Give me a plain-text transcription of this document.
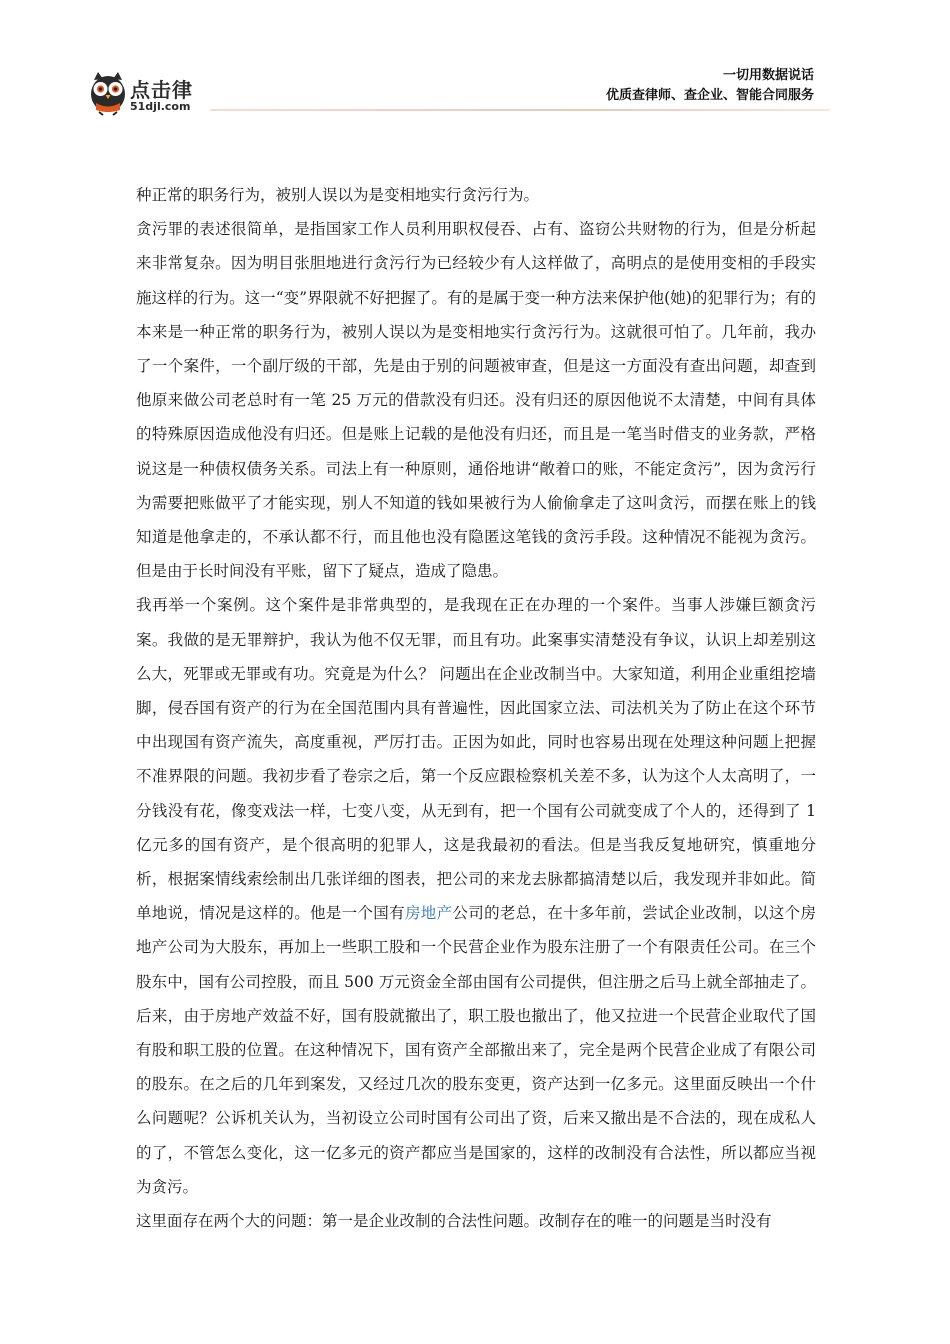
点击律
51djl.com
一切用数据说话
优质查律师、查企业、智能合同服务

种正常的职务行为，被别人误以为是变相地实行贪污行为。

贪污罪的表述很简单，是指国家工作人员利用职权侵吞、占有、盗窃公共财物的行为，但是分析起来非常复杂。因为明目张胆地进行贪污行为已经较少有人这样做了，高明点的是使用变相的手段实施这样的行为。这一“变”界限就不好把握了。有的是属于变一种方法来保护他(她)的犯罪行为；有的本来是一种正常的职务行为，被别人误以为是变相地实行贪污行为。这就很可怕了。几年前，我办了一个案件，一个副厅级的干部，先是由于别的问题被审查，但是这一方面没有查出问题，却查到他原来做公司老总时有一笔 25 万元的借款没有归还。没有归还的原因他说不太清楚，中间有具体的特殊原因造成他没有归还。但是账上记载的是他没有归还，而且是一笔当时借支的业务款，严格说这是一种债权债务关系。司法上有一种原则，通俗地讲“敞着口的账，不能定贪污”，因为贪污行为需要把账做平了才能实现，别人不知道的钱如果被行为人偷偷拿走了这叫贪污，而摆在账上的钱知道是他拿走的，不承认都不行，而且他也没有隐匿这笔钱的贪污手段。这种情况不能视为贪污。但是由于长时间没有平账，留下了疑点，造成了隐患。

我再举一个案例。这个案件是非常典型的，是我现在正在办理的一个案件。当事人涉嫌巨额贪污案。我做的是无罪辩护，我认为他不仅无罪，而且有功。此案事实清楚没有争议，认识上却差别这么大，死罪或无罪或有功。究竟是为什么？ 问题出在企业改制当中。大家知道，利用企业重组挖墙脚，侵吞国有资产的行为在全国范围内具有普遍性，因此国家立法、司法机关为了防止在这个环节中出现国有资产流失，高度重视，严厉打击。正因为如此，同时也容易出现在处理这种问题上把握不准界限的问题。我初步看了卷宗之后，第一个反应跟检察机关差不多，认为这个人太高明了，一分钱没有花，像变戏法一样，七变八变，从无到有，把一个国有公司就变成了个人的，还得到了 1 亿元多的国有资产，是个很高明的犯罪人，这是我最初的看法。但是当我反复地研究，慎重地分析，根据案情线索绘制出几张详细的图表，把公司的来龙去脉都搞清楚以后，我发现并非如此。简单地说，情况是这样的。他是一个国有房地产公司的老总，在十多年前，尝试企业改制，以这个房地产公司为大股东，再加上一些职工股和一个民营企业作为股东注册了一个有限责任公司。在三个股东中，国有公司控股，而且 500 万元资金全部由国有公司提供，但注册之后马上就全部抽走了。后来，由于房地产效益不好，国有股就撤出了，职工股也撤出了，他又拉进一个民营企业取代了国有股和职工股的位置。在这种情况下，国有资产全部撤出来了，完全是两个民营企业成了有限公司的股东。在之后的几年到案发，又经过几次的股东变更，资产达到一亿多元。这里面反映出一个什么问题呢？公诉机关认为，当初设立公司时国有公司出了资，后来又撤出是不合法的，现在成私人的了，不管怎么变化，这一亿多元的资产都应当是国家的，这样的改制没有合法性，所以都应当视为贪污。

这里面存在两个大的问题：第一是企业改制的合法性问题。改制存在的唯一的问题是当时没有
